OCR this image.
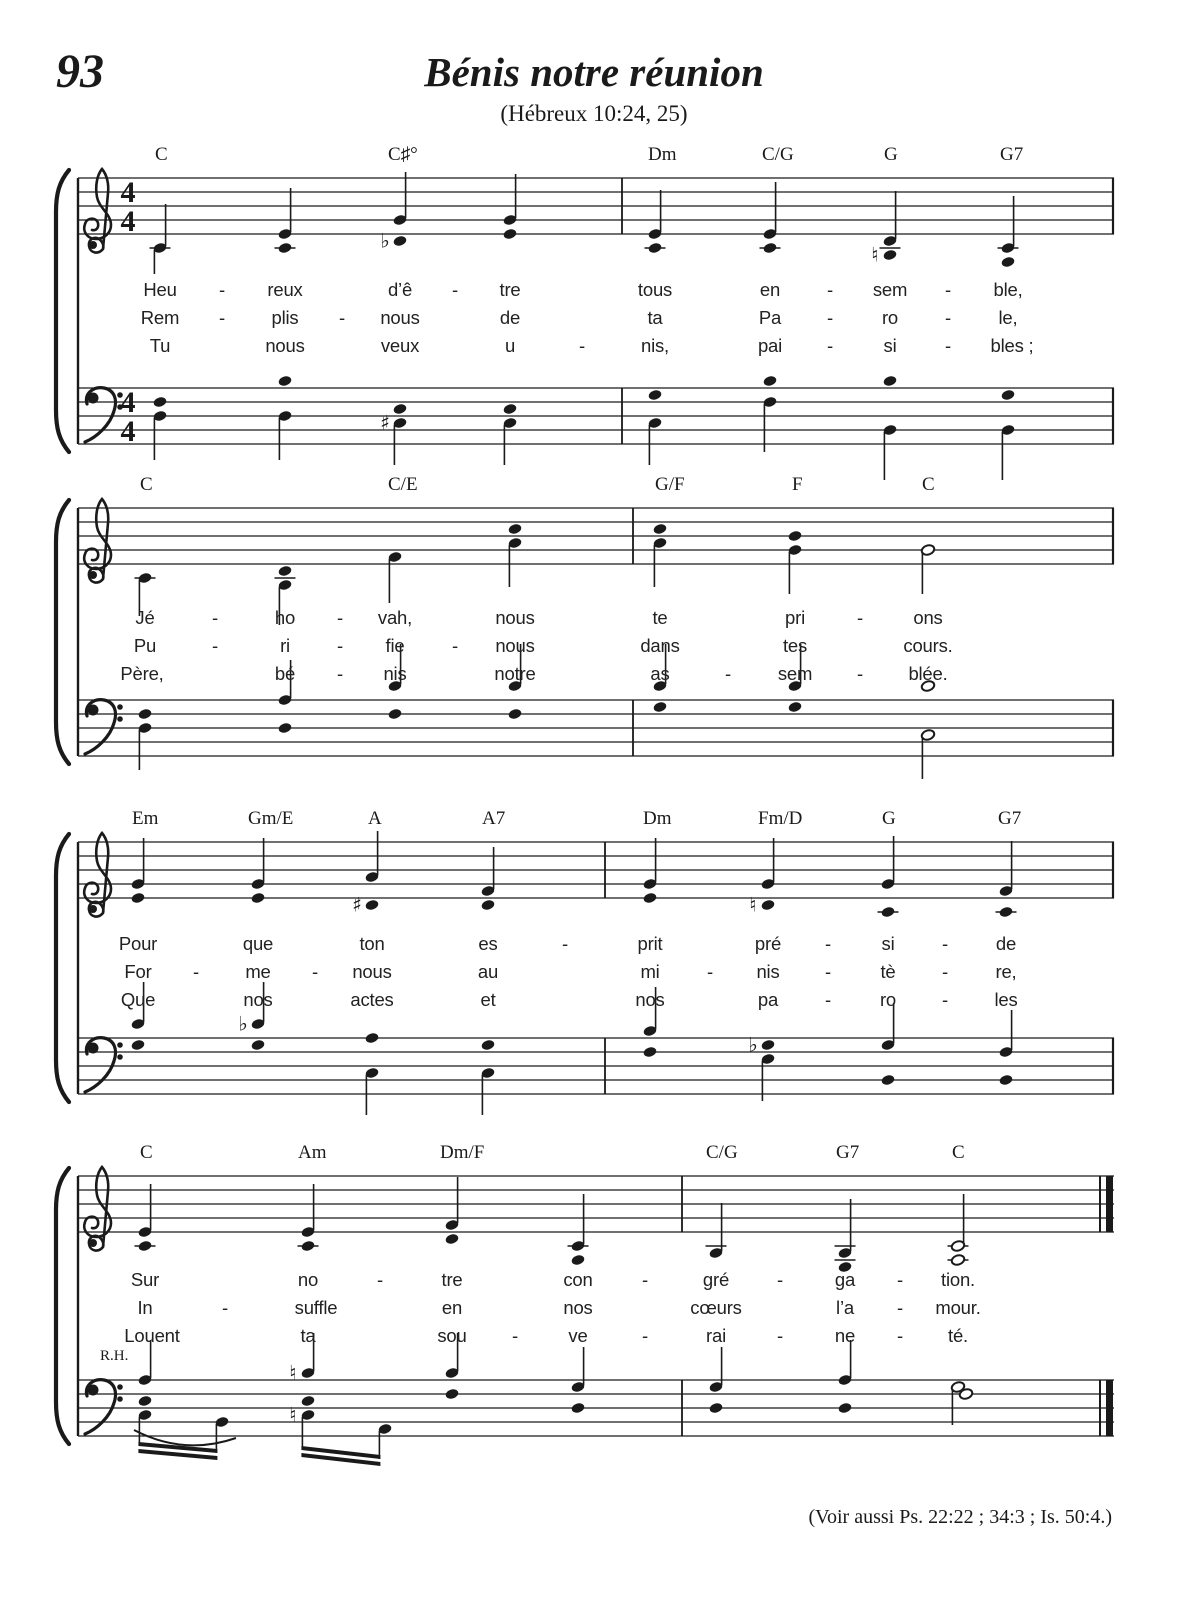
4
4
4
4
♭
♮
♯
♯	♮
♭
♭
♮
♮
93	Bénis notre réunion
(Hébreux 10:24, 25)
R.H.
(Voir aussi Ps. 22:22 ; 34:3 ; Is. 50:4.)
C	C♯°	Dm	C/G	G	G7
Heu - reux	d’ê - tre	tous	en	- sem - ble,
Rem -	plis - nous	de	ta	Pa -	ro	-	le,
Tu	nous	veux	u	-	nis,	pai -	si	- bles ;
C	C/E	G/F	F	C
Jé	-	ho - vah,	nous	te	pri	-	ons
Pu	-	ri	- fie	- nous	dans	tes	cours.
Père,	bé - nis	notre	as	-	sem - blée.
Em	Gm/E	A	A7	Dm	Fm/D	G	G7
Pour	que	ton	es	-	prit	pré -	si	-	de
For -	me - nous	au	mi	- nis -	tè	-	re,
Que	nos	actes	et	nos	pa	-	ro -	les
C	Am	Dm/F	C/G	G7	C
Sur	no	-	tre	con	-	gré	-	ga - tion.
In	-	suffle	en	nos	cœurs	l’a - mour.
Louent	ta	sou -	ve	-	rai	-	ne - té.
